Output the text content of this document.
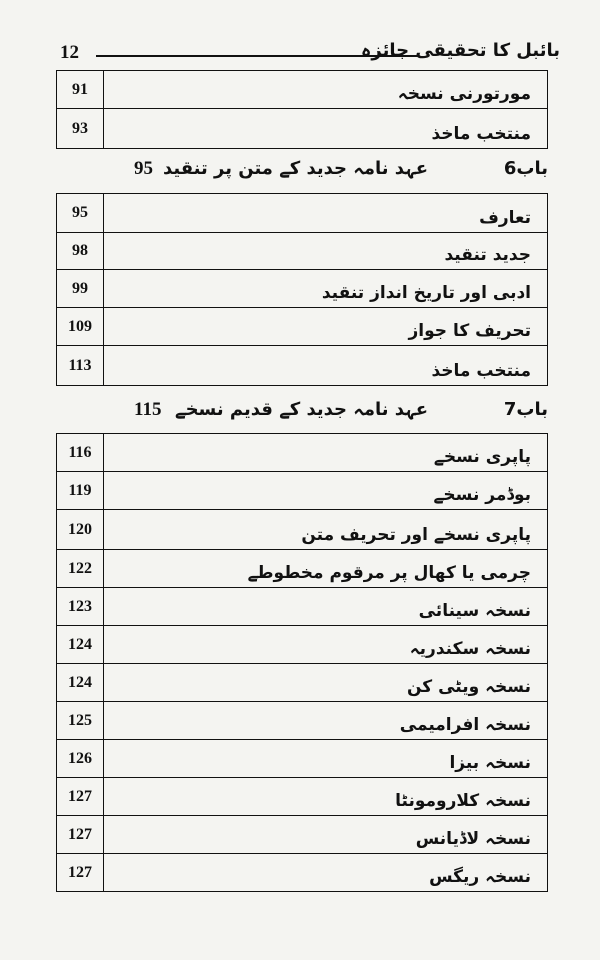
12	بائبل کا تحقیقی جائزہ
91	مورتورنی نسخہ
93	منتخب ماخذ
95 عہد نامہ جدید کے متن پر تنقید	باب6
95	تعارف
98	جدید تنقید
99	ادبی اور تاریخ انداز تنقید
109	تحریف کا جواز
113	منتخب ماخذ
115 عہد نامہ جدید کے قدیم نسخے	باب7
116	پاپری نسخے
119	بوڈمر نسخے
120	پاپری نسخے اور تحریف متن
122	چرمی یا کھال پر مرقوم مخطوطے
123	نسخہ سینائی
124	نسخہ سکندریہ
124	نسخہ ویٹی کن
125	نسخہ افرامیمی
126	نسخہ بیزا
127	نسخہ کلارومونٹا
127	نسخہ لاڈیانس
127	نسخہ ریگس
